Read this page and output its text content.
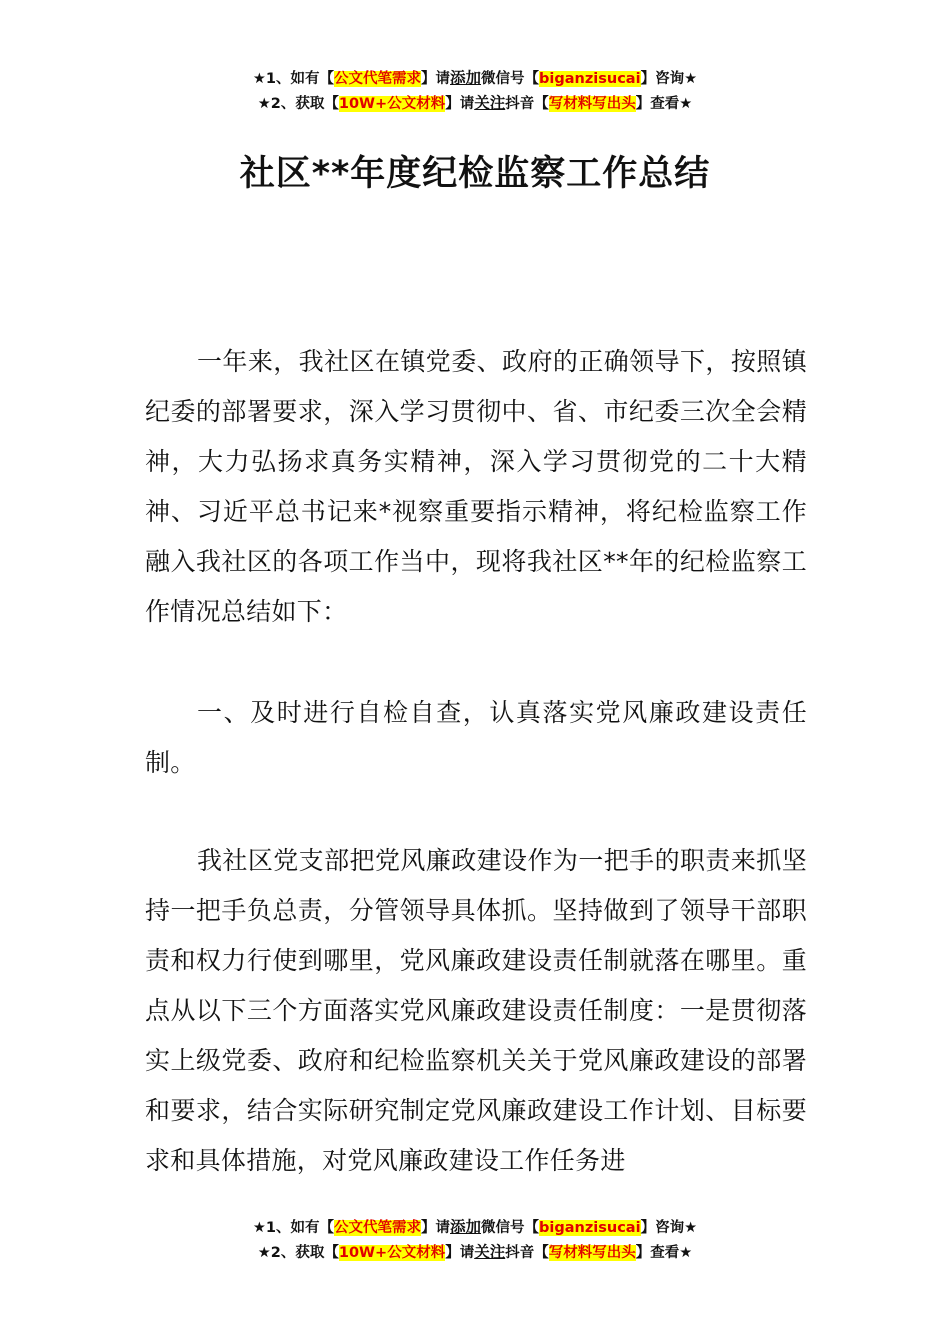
★1、如有【公文代笔需求】请添加微信号【biganzisucai】咨询★
★2、获取【10W+公文材料】请关注抖音【写材料写出头】查看★
社区**年度纪检监察工作总结
一年来，我社区在镇党委、政府的正确领导下，按照镇纪委的部署要求，深入学习贯彻中、省、市纪委三次全会精神，大力弘扬求真务实精神，深入学习贯彻党的二十大精神、习近平总书记来*视察重要指示精神，将纪检监察工作融入我社区的各项工作当中，现将我社区**年的纪检监察工作情况总结如下：
一、及时进行自检自查，认真落实党风廉政建设责任制。
我社区党支部把党风廉政建设作为一把手的职责来抓坚持一把手负总责，分管领导具体抓。坚持做到了领导干部职责和权力行使到哪里，党风廉政建设责任制就落在哪里。重点从以下三个方面落实党风廉政建设责任制度：一是贯彻落实上级党委、政府和纪检监察机关关于党风廉政建设的部署和要求，结合实际研究制定党风廉政建设工作计划、目标要求和具体措施，对党风廉政建设工作任务进
★1、如有【公文代笔需求】请添加微信号【biganzisucai】咨询★
★2、获取【10W+公文材料】请关注抖音【写材料写出头】查看★
